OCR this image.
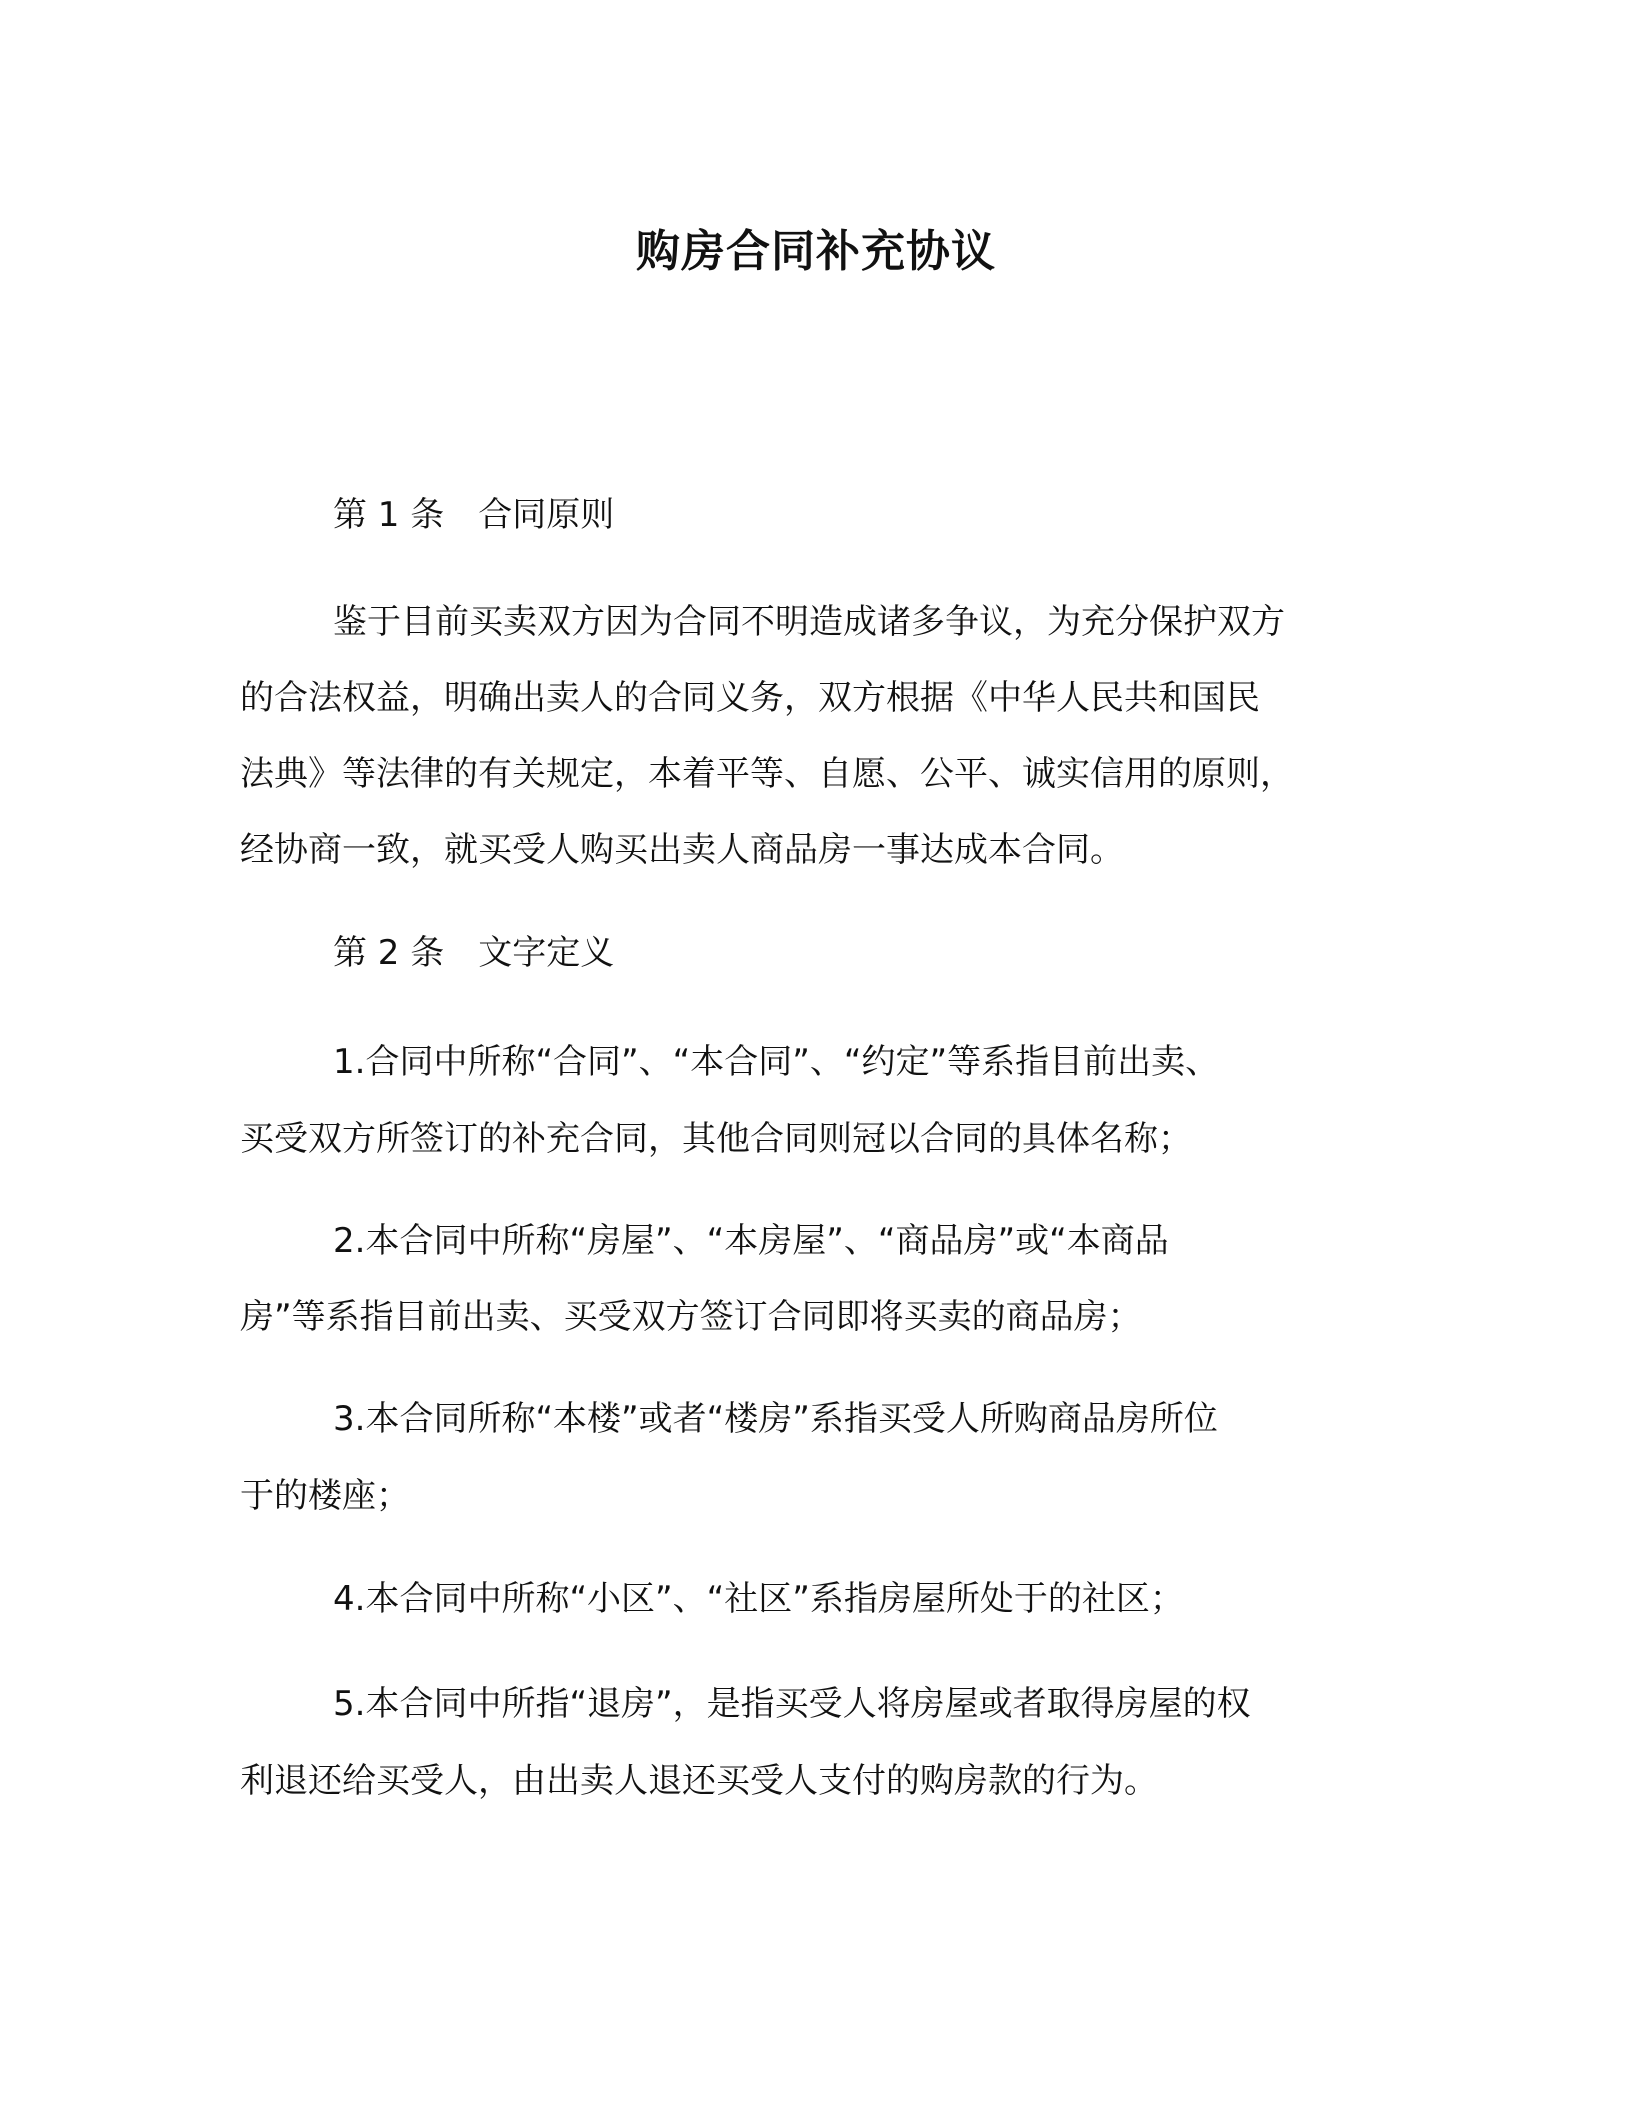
购房合同补充协议
第 1 条　合同原则
鉴于目前买卖双方因为合同不明造成诸多争议，为充分保护双方
的合法权益，明确出卖人的合同义务，双方根据《中华人民共和国民
法典》等法律的有关规定，本着平等、自愿、公平、诚实信用的原则，
经协商一致，就买受人购买出卖人商品房一事达成本合同。
第 2 条　文字定义
1.合同中所称“合同”、“本合同”、“约定”等系指目前出卖、
买受双方所签订的补充合同，其他合同则冠以合同的具体名称；
2.本合同中所称“房屋”、“本房屋”、“商品房”或“本商品
房”等系指目前出卖、买受双方签订合同即将买卖的商品房；
3.本合同所称“本楼”或者“楼房”系指买受人所购商品房所位
于的楼座；
4.本合同中所称“小区”、“社区”系指房屋所处于的社区；
5.本合同中所指“退房”，是指买受人将房屋或者取得房屋的权
利退还给买受人，由出卖人退还买受人支付的购房款的行为。
